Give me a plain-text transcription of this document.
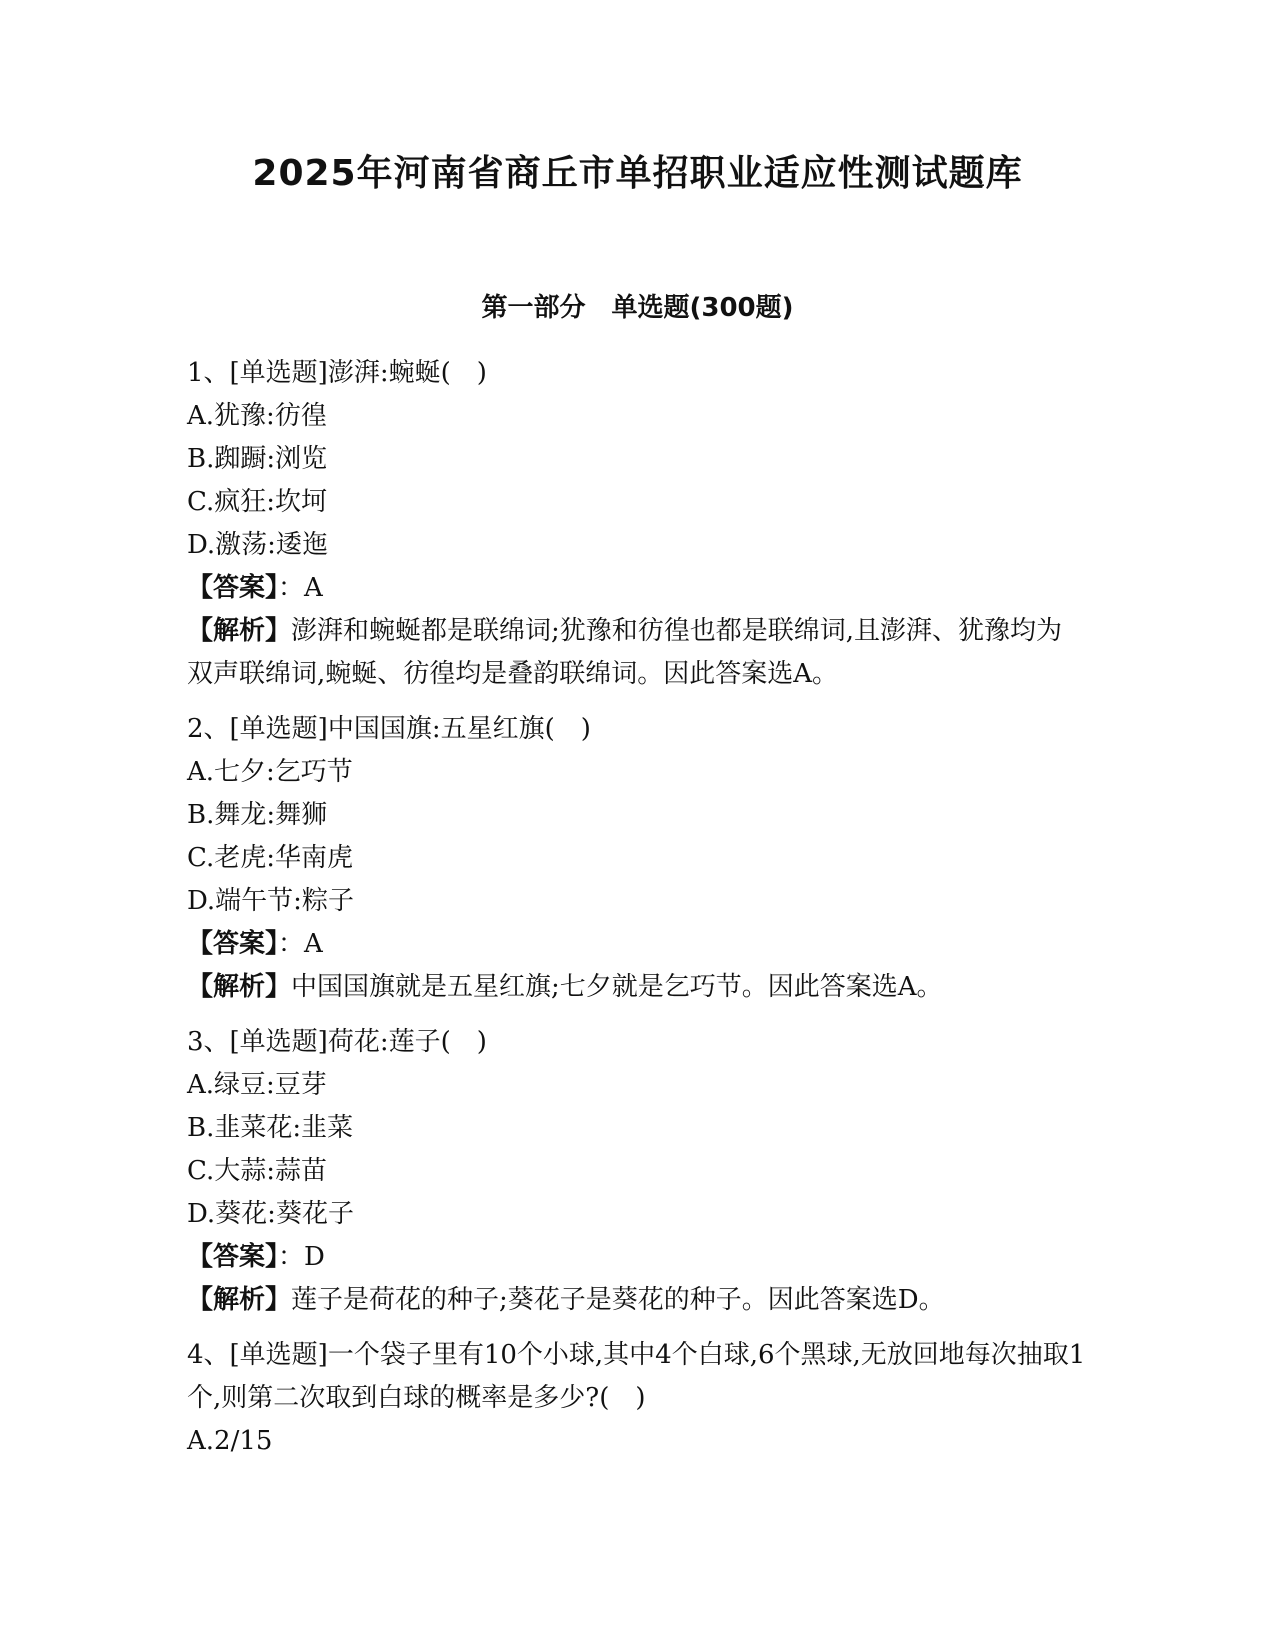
2025年河南省商丘市单招职业适应性测试题库
第一部分　单选题(300题)
1、[单选题]澎湃:蜿蜒(　)
A.犹豫:彷徨
B.踟蹰:浏览
C.疯狂:坎坷
D.激荡:逶迤
【答案】：A
【解析】澎湃和蜿蜒都是联绵词;犹豫和彷徨也都是联绵词,且澎湃、犹豫均为双声联绵词,蜿蜒、彷徨均是叠韵联绵词。因此答案选A。
2、[单选题]中国国旗:五星红旗(　)
A.七夕:乞巧节
B.舞龙:舞狮
C.老虎:华南虎
D.端午节:粽子
【答案】：A
【解析】中国国旗就是五星红旗;七夕就是乞巧节。因此答案选A。
3、[单选题]荷花:莲子(　)
A.绿豆:豆芽
B.韭菜花:韭菜
C.大蒜:蒜苗
D.葵花:葵花子
【答案】：D
【解析】莲子是荷花的种子;葵花子是葵花的种子。因此答案选D。
4、[单选题]一个袋子里有10个小球,其中4个白球,6个黑球,无放回地每次抽取1个,则第二次取到白球的概率是多少?(　)
A.2/15
